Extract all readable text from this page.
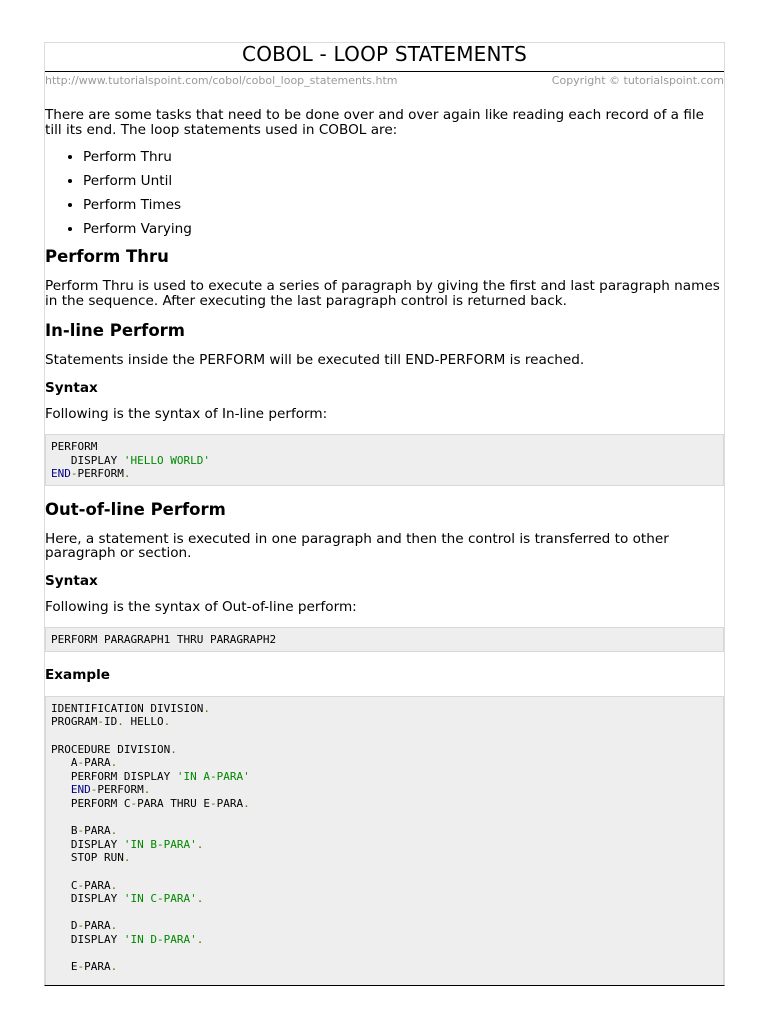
COBOL - LOOP STATEMENTS
http://www.tutorialspoint.com/cobol/cobol_loop_statements.htm	Copyright © tutorialspoint.com

There are some tasks that need to be done over and over again like reading each record of a file till its end. The loop statements used in COBOL are:

• Perform Thru
• Perform Until
• Perform Times
• Perform Varying
Perform Thru

Perform Thru is used to execute a series of paragraph by giving the first and last paragraph names in the sequence. After executing the last paragraph control is returned back.

In-line Perform

Statements inside the PERFORM will be executed till END-PERFORM is reached.

Syntax

Following is the syntax of In-line perform:

PERFORM
DISPLAY 'HELLO WORLD'
END-PERFORM.
Out-of-line Perform

Here, a statement is executed in one paragraph and then the control is transferred to other paragraph or section.

Syntax

Following is the syntax of Out-of-line perform:

PERFORM PARAGRAPH1 THRU PARAGRAPH2
Example
IDENTIFICATION DIVISION.
PROGRAM-ID. HELLO.

PROCEDURE DIVISION.
A-PARA.
PERFORM DISPLAY 'IN A-PARA'
END-PERFORM.
PERFORM C-PARA THRU E-PARA.

B-PARA.
DISPLAY 'IN B-PARA'.
STOP RUN.

C-PARA.
DISPLAY 'IN C-PARA'.

D-PARA.
DISPLAY 'IN D-PARA'.

E-PARA.
